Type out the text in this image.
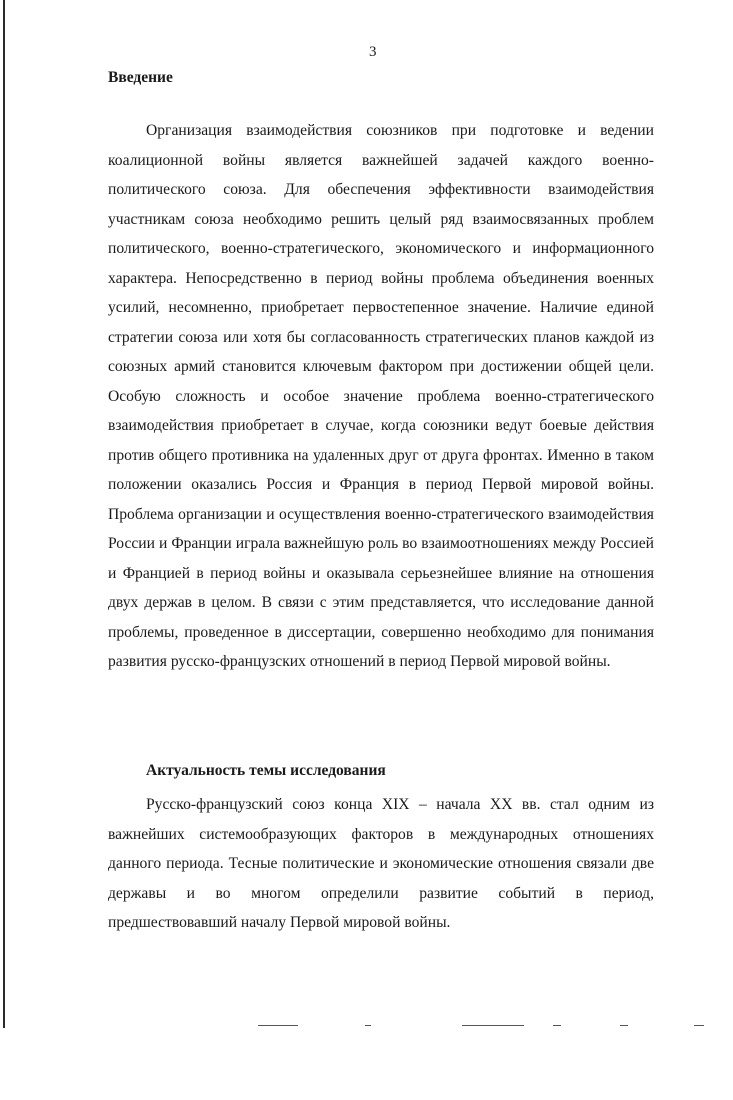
3
Введение

Организация взаимодействия союзников при подготовке и ведении коалиционной войны является важнейшей задачей каждого военно-политического союза. Для обеспечения эффективности взаимодействия участникам союза необходимо решить целый ряд взаимосвязанных проблем политического, военно-стратегического, экономического и информационного характера. Непосредственно в период войны проблема объединения военных усилий, несомненно, приобретает первостепенное значение. Наличие единой стратегии союза или хотя бы согласованность стратегических планов каждой из союзных армий становится ключевым фактором при достижении общей цели. Особую сложность и особое значение проблема военно-стратегического взаимодействия приобретает в случае, когда союзники ведут боевые действия против общего противника на удаленных друг от друга фронтах. Именно в таком положении оказались Россия и Франция в период Первой мировой войны. Проблема организации и осуществления военно-стратегического взаимодействия России и Франции играла важнейшую роль во взаимоотношениях между Россией и Францией в период войны и оказывала серьезнейшее влияние на отношения двух держав в целом. В связи с этим представляется, что исследование данной проблемы, проведенное в диссертации, совершенно необходимо для понимания развития русско-французских отношений в период Первой мировой войны.

Актуальность темы исследования

Русско-французский союз конца XIX – начала XX вв. стал одним из важнейших системообразующих факторов в международных отношениях данного периода. Тесные политические и экономические отношения связали две державы и во многом определили развитие событий в период, предшествовавший началу Первой мировой войны.
